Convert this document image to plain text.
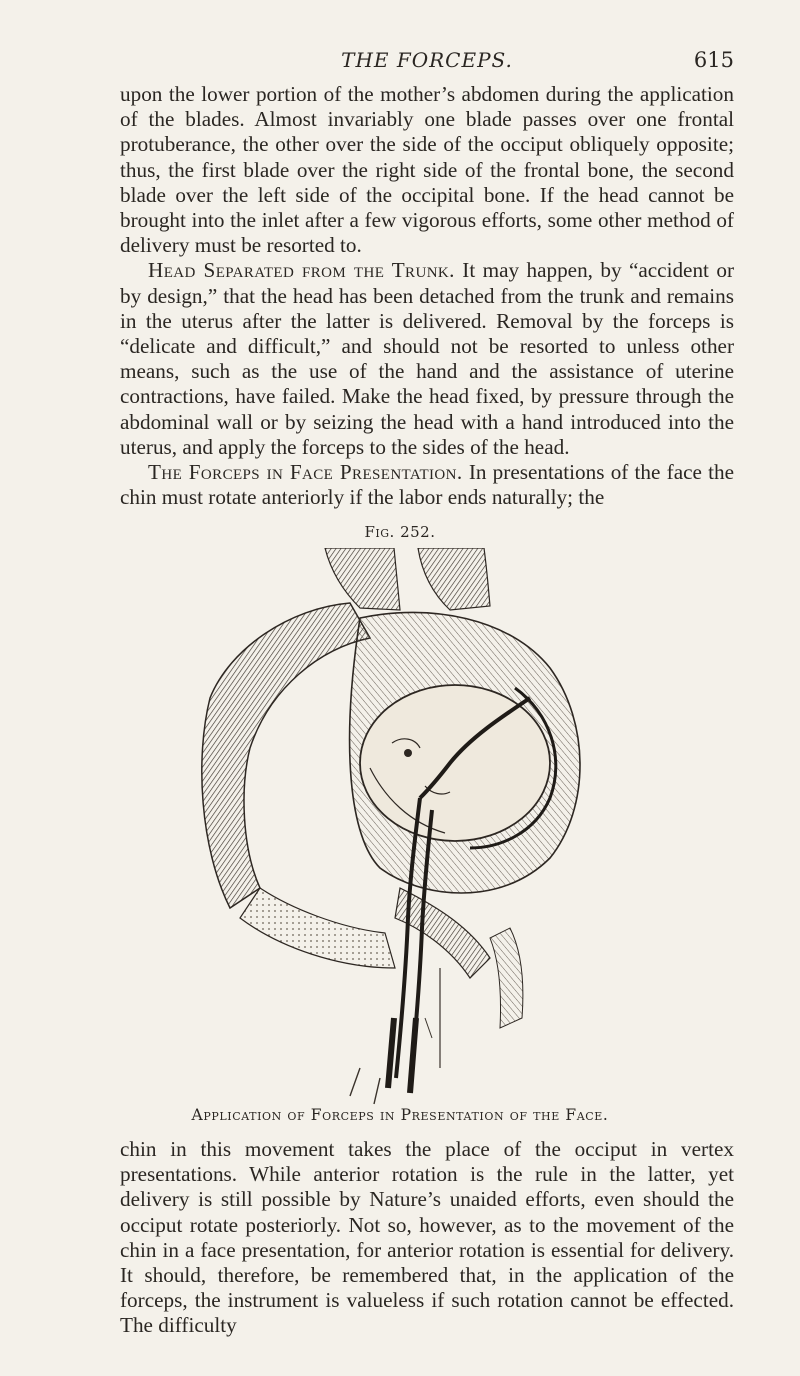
THE FORCEPS.	615

upon the lower portion of the mother’s abdomen during the application of the blades. Almost invariably one blade passes over one frontal protuberance, the other over the side of the occiput obliquely opposite; thus, the first blade over the right side of the frontal bone, the second blade over the left side of the occipital bone. If the head cannot be brought into the inlet after a few vigorous efforts, some other method of delivery must be resorted to.

Head Separated from the Trunk. It may happen, by “accident or by design,” that the head has been detached from the trunk and remains in the uterus after the latter is delivered. Removal by the forceps is “delicate and difficult,” and should not be resorted to unless other means, such as the use of the hand and the assistance of uterine contractions, have failed. Make the head fixed, by pressure through the abdominal wall or by seizing the head with a hand introduced into the uterus, and apply the forceps to the sides of the head.

The Forceps in Face Presentation. In presentations of the face the chin must rotate anteriorly if the labor ends naturally; the

Fig. 252.
Application of Forceps in Presentation of the Face.

chin in this movement takes the place of the occiput in vertex presentations. While anterior rotation is the rule in the latter, yet delivery is still possible by Nature’s unaided efforts, even should the occiput rotate posteriorly. Not so, however, as to the movement of the chin in a face presentation, for anterior rotation is essential for delivery. It should, therefore, be remembered that, in the application of the forceps, the instrument is valueless if such rotation cannot be effected. The difficulty
